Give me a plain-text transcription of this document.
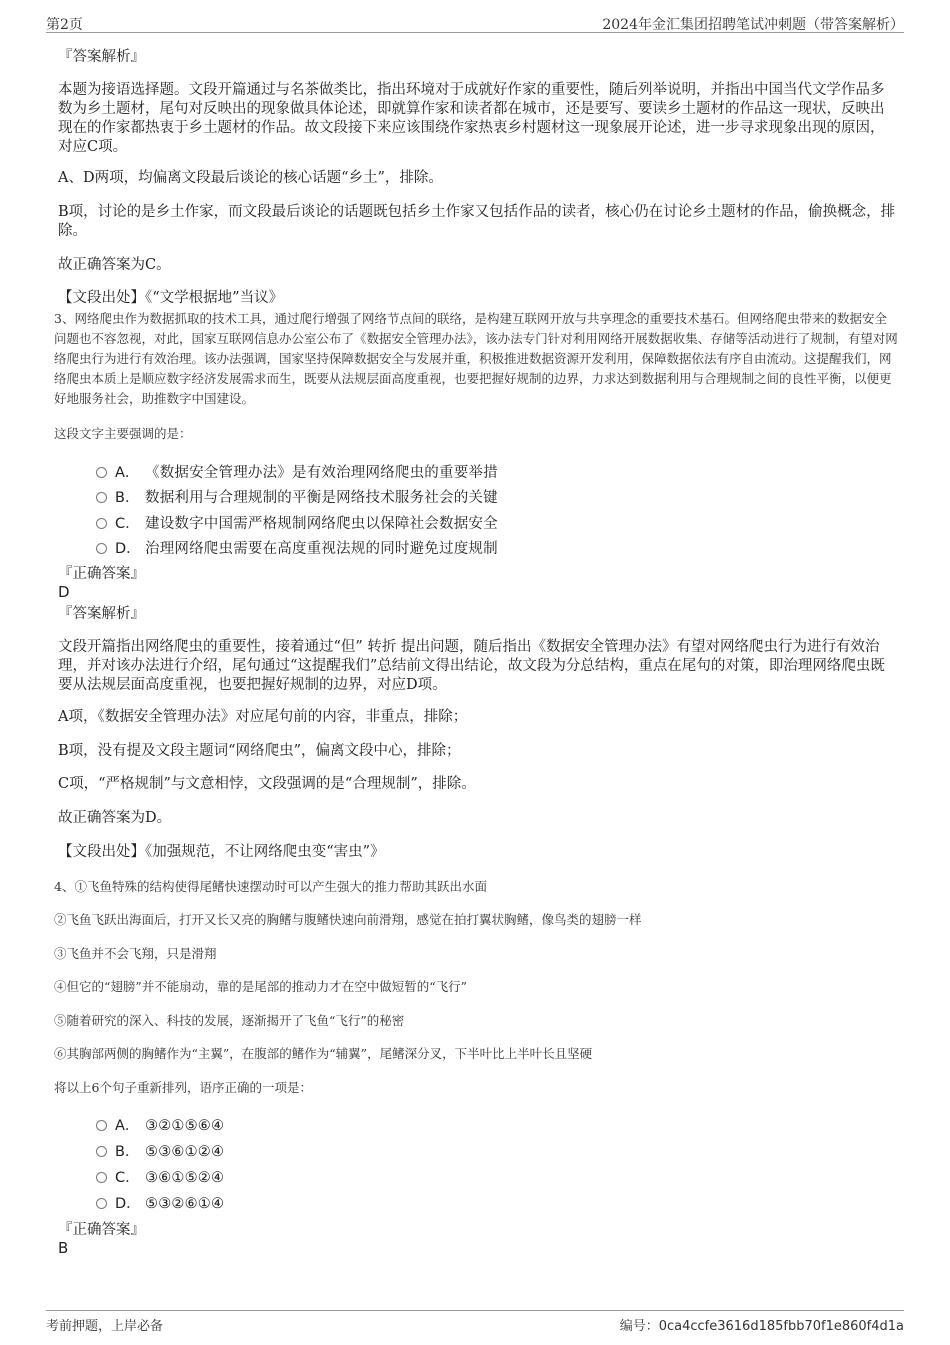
第2页	2024年金汇集团招聘笔试冲刺题（带答案解析）
『答案解析』
本题为接语选择题。文段开篇通过与名茶做类比，指出环境对于成就好作家的重要性，随后列举说明，并指出中国当代文学作品多数为乡土题材，尾句对反映出的现象做具体论述，即就算作家和读者都在城市，还是要写、要读乡土题材的作品这一现状，反映出现在的作家都热衷于乡土题材的作品。故文段接下来应该围绕作家热衷乡村题材这一现象展开论述，进一步寻求现象出现的原因，对应C项。
A、D两项，均偏离文段最后谈论的核心话题“乡土”，排除。
B项，讨论的是乡土作家，而文段最后谈论的话题既包括乡土作家又包括作品的读者，核心仍在讨论乡土题材的作品，偷换概念，排除。
故正确答案为C。
【文段出处】《“文学根据地”当议》
3、网络爬虫作为数据抓取的技术工具，通过爬行增强了网络节点间的联络，是构建互联网开放与共享理念的重要技术基石。但网络爬虫带来的数据安全问题也不容忽视，对此，国家互联网信息办公室公布了《数据安全管理办法》，该办法专门针对利用网络开展数据收集、存储等活动进行了规制，有望对网络爬虫行为进行有效治理。该办法强调，国家坚持保障数据安全与发展并重，积极推进数据资源开发利用，保障数据依法有序自由流动。这提醒我们，网络爬虫本质上是顺应数字经济发展需求而生，既要从法规层面高度重视，也要把握好规制的边界，力求达到数据利用与合理规制之间的良性平衡，以便更好地服务社会，助推数字中国建设。
这段文字主要强调的是：
A． 《数据安全管理办法》是有效治理网络爬虫的重要举措
B． 数据利用与合理规制的平衡是网络技术服务社会的关键
C． 建设数字中国需严格规制网络爬虫以保障社会数据安全
D． 治理网络爬虫需要在高度重视法规的同时避免过度规制
『正确答案』
D
『答案解析』
文段开篇指出网络爬虫的重要性，接着通过“但” 转折 提出问题，随后指出《数据安全管理办法》有望对网络爬虫行为进行有效治理，并对该办法进行介绍，尾句通过“这提醒我们”总结前文得出结论，故文段为分总结构，重点在尾句的对策，即治理网络爬虫既要从法规层面高度重视，也要把握好规制的边界，对应D项。
A项，《数据安全管理办法》对应尾句前的内容，非重点，排除；
B项，没有提及文段主题词“网络爬虫”，偏离文段中心，排除；
C项，“严格规制”与文意相悖，文段强调的是“合理规制”，排除。
故正确答案为D。
【文段出处】《加强规范，不让网络爬虫变“害虫”》
4、①飞鱼特殊的结构使得尾鳍快速摆动时可以产生强大的推力帮助其跃出水面
②飞鱼飞跃出海面后，打开又长又亮的胸鳍与腹鳍快速向前滑翔，感觉在拍打翼状胸鳍，像鸟类的翅膀一样
③飞鱼并不会飞翔，只是滑翔
④但它的“翅膀”并不能扇动，靠的是尾部的推动力才在空中做短暂的“飞行”
⑤随着研究的深入、科技的发展，逐渐揭开了飞鱼“飞行”的秘密
⑥其胸部两侧的胸鳍作为“主翼”，在腹部的鳍作为“辅翼”，尾鳍深分叉，下半叶比上半叶长且坚硬
将以上6个句子重新排列，语序正确的一项是：
A． ③②①⑤⑥④
B． ⑤③⑥①②④
C． ③⑥①⑤②④
D． ⑤③②⑥①④
『正确答案』
B
考前押题，上岸必备	编号：0ca4ccfe3616d185fbb70f1e860f4d1a
